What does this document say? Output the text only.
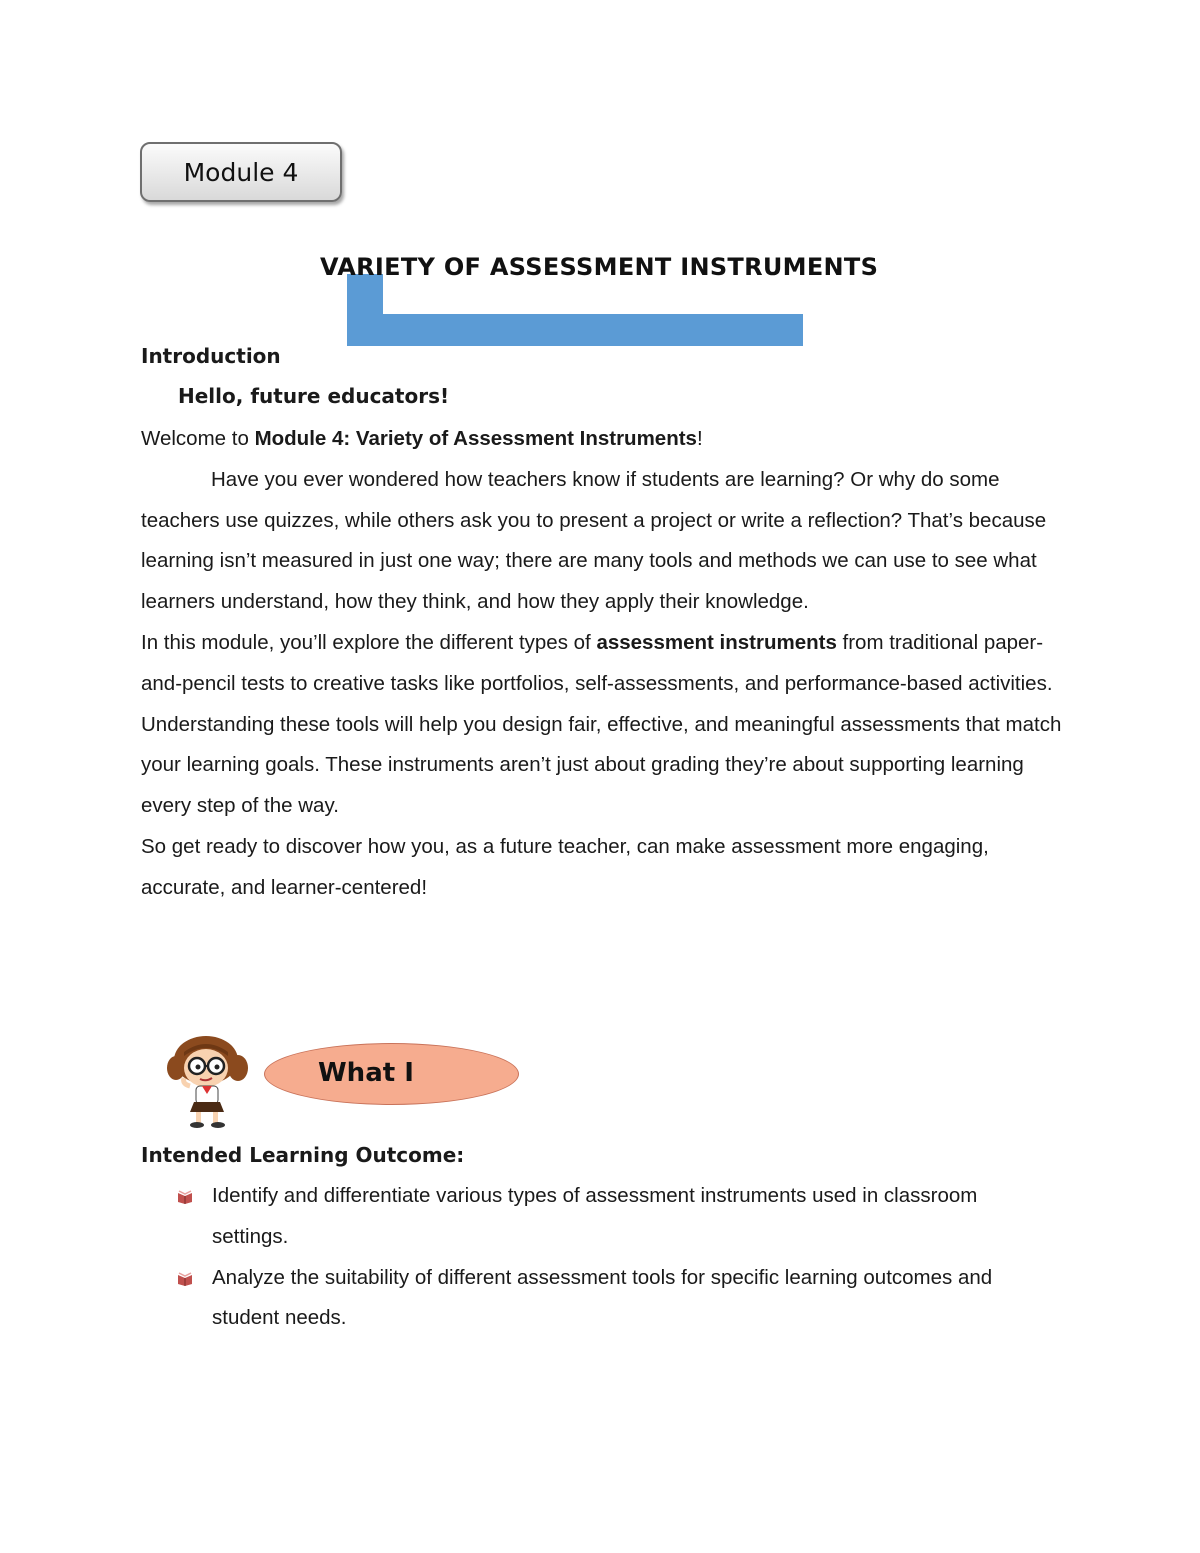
Module 4
VARIETY OF ASSESSMENT INSTRUMENTS
Introduction
Hello, future educators!

Welcome to Module 4: Variety of Assessment Instruments!

Have you ever wondered how teachers know if students are learning? Or why do some teachers use quizzes, while others ask you to present a project or write a reflection? That’s because learning isn’t measured in just one way; there are many tools and methods we can use to see what learners understand, how they think, and how they apply their knowledge.

In this module, you’ll explore the different types of assessment instruments from traditional paper-and-pencil tests to creative tasks like portfolios, self-assessments, and performance-based activities. Understanding these tools will help you design fair, effective, and meaningful assessments that match your learning goals. These instruments aren’t just about grading they’re about supporting learning every step of the way.

So get ready to discover how you, as a future teacher, can make assessment more engaging, accurate, and learner-centered!

What I
Intended Learning Outcome:
Identify and differentiate various types of assessment instruments used in classroom settings.
Analyze the suitability of different assessment tools for specific learning outcomes and student needs.
